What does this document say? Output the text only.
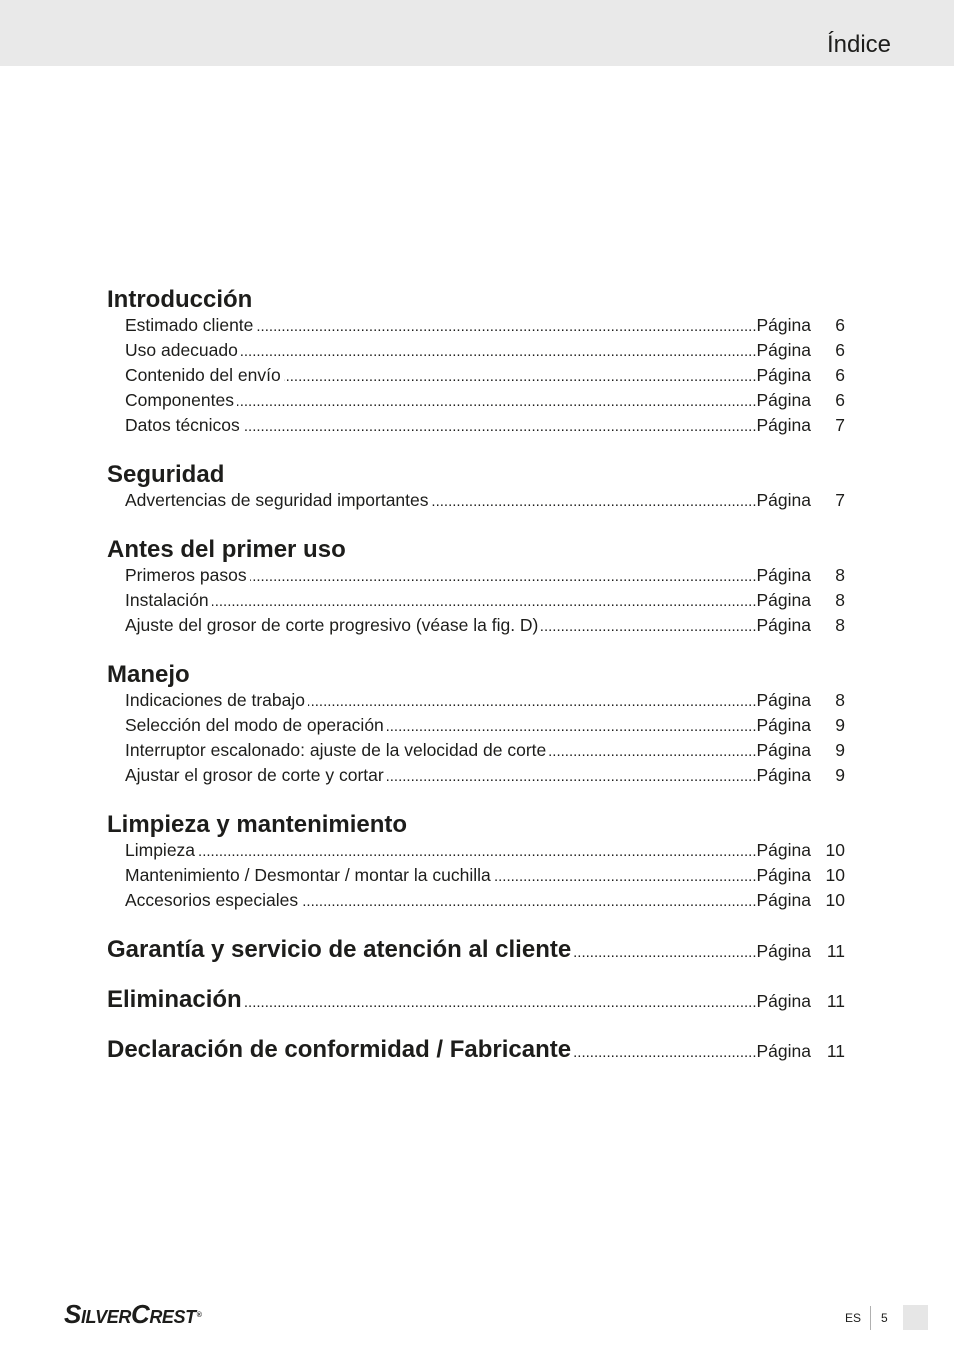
Índice
Introducción
Estimado cliente .....	Página	6
Uso adecuado .....	Página	6
Contenido del envío .....	Página	6
Componentes .....	Página	6
Datos técnicos .....	Página	7
Seguridad
Advertencias de seguridad importantes .....	Página	7
Antes del primer uso
Primeros pasos .....	Página	8
Instalación .....	Página	8
Ajuste del grosor de corte progresivo (véase la fig. D) .....	Página	8
Manejo
Indicaciones de trabajo .....	Página	8
Selección del modo de operación .....	Página	9
Interruptor escalonado: ajuste de la velocidad de corte .....	Página	9
Ajustar el grosor de corte y cortar .....	Página	9
Limpieza y mantenimiento
Limpieza .....	Página 10
Mantenimiento / Desmontar / montar la cuchilla .....	Página 10
Accesorios especiales .....	Página 10
Garantía y servicio de atención al cliente .....	Página 11
Eliminación .....	Página 11
Declaración de conformidad / Fabricante .....	Página 11
SilverCrest®	ES 5
